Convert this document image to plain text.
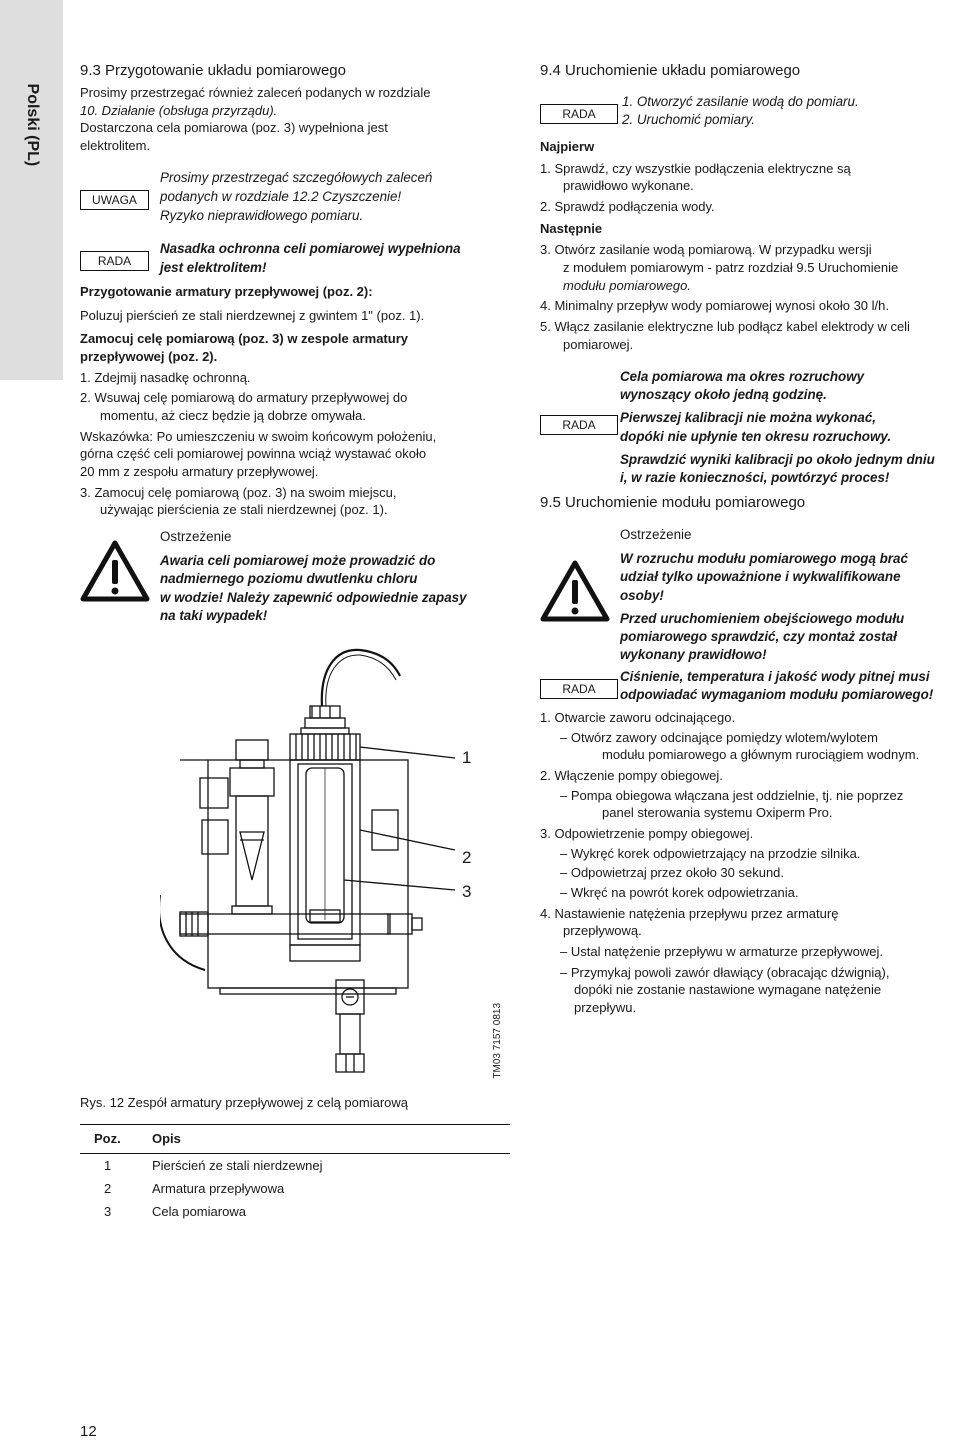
Polski (PL)
9.3 Przygotowanie układu pomiarowego

Prosimy przestrzegać również zaleceń podanych w rozdziale

10. Działanie (obsługa przyrządu).

Dostarczona cela pomiarowa (poz. 3) wypełniona jest

elektrolitem.

UWAGA

Prosimy przestrzegać szczegółowych zaleceń

podanych w rozdziale 12.2 Czyszczenie!

Ryzyko nieprawidłowego pomiaru.

RADA

Nasadka ochronna celi pomiarowej wypełniona

jest elektrolitem!

Przygotowanie armatury przepływowej (poz. 2):

Poluzuj pierścień ze stali nierdzewnej z gwintem 1" (poz. 1).

Zamocuj celę pomiarową (poz. 3) w zespole armatury

przepływowej (poz. 2).

1. Zdejmij nasadkę ochronną.

2. Wsuwaj celę pomiarową do armatury przepływowej do

momentu, aż ciecz będzie ją dobrze omywała.

Wskazówka: Po umieszczeniu w swoim końcowym położeniu,

górna część celi pomiarowej powinna wciąż wystawać około

20 mm z zespołu armatury przepływowej.

3. Zamocuj celę pomiarową (poz. 3) na swoim miejscu,

używając pierścienia ze stali nierdzewnej (poz. 1).

Ostrzeżenie

Awaria celi pomiarowej może prowadzić do

nadmiernego poziomu dwutlenku chloru

w wodzie! Należy zapewnić odpowiednie zapasy

na taki wypadek!

1
2
3
TM03 7157 0813
Rys. 12 Zespół armatury przepływowej z celą pomiarową
Poz.	Opis
1	Pierścień ze stali nierdzewnej
2	Armatura przepływowa
3	Cela pomiarowa
12
9.4 Uruchomienie układu pomiarowego
RADA

1. Otworzyć zasilanie wodą do pomiaru.

2. Uruchomić pomiary.

Najpierw

1. Sprawdź, czy wszystkie podłączenia elektryczne są

prawidłowo wykonane.

2. Sprawdź podłączenia wody.

Następnie

3. Otwórz zasilanie wodą pomiarową. W przypadku wersji

z modułem pomiarowym - patrz rozdział 9.5 Uruchomienie

modułu pomiarowego.

4. Minimalny przepływ wody pomiarowej wynosi około 30 l/h.

5. Włącz zasilanie elektryczne lub podłącz kabel elektrody w celi

pomiarowej.

RADA

Cela pomiarowa ma okres rozruchowy

wynoszący około jedną godzinę.

Pierwszej kalibracji nie można wykonać,

dopóki nie upłynie ten okresu rozruchowy.

Sprawdzić wyniki kalibracji po około jednym dniu

i, w razie konieczności, powtórzyć proces!

9.5 Uruchomienie modułu pomiarowego

Ostrzeżenie

W rozruchu modułu pomiarowego mogą brać

udział tylko upoważnione i wykwalifikowane

osoby!

Przed uruchomieniem obejściowego modułu

pomiarowego sprawdzić, czy montaż został

wykonany prawidłowo!

RADA

Ciśnienie, temperatura i jakość wody pitnej musi

odpowiadać wymaganiom modułu pomiarowego!

1. Otwarcie zaworu odcinającego.

– Otwórz zawory odcinające pomiędzy wlotem/wylotem

modułu pomiarowego a głównym rurociągiem wodnym.

2. Włączenie pompy obiegowej.

– Pompa obiegowa włączana jest oddzielnie, tj. nie poprzez

panel sterowania systemu Oxiperm Pro.

3. Odpowietrzenie pompy obiegowej.

– Wykręć korek odpowietrzający na przodzie silnika.

– Odpowietrzaj przez około 30 sekund.

– Wkręć na powrót korek odpowietrzania.

4. Nastawienie natężenia przepływu przez armaturę

przepływową.

– Ustal natężenie przepływu w armaturze przepływowej.

– Przymykaj powoli zawór dławiący (obracając dźwignią),

dopóki nie zostanie nastawione wymagane natężenie

przepływu.
